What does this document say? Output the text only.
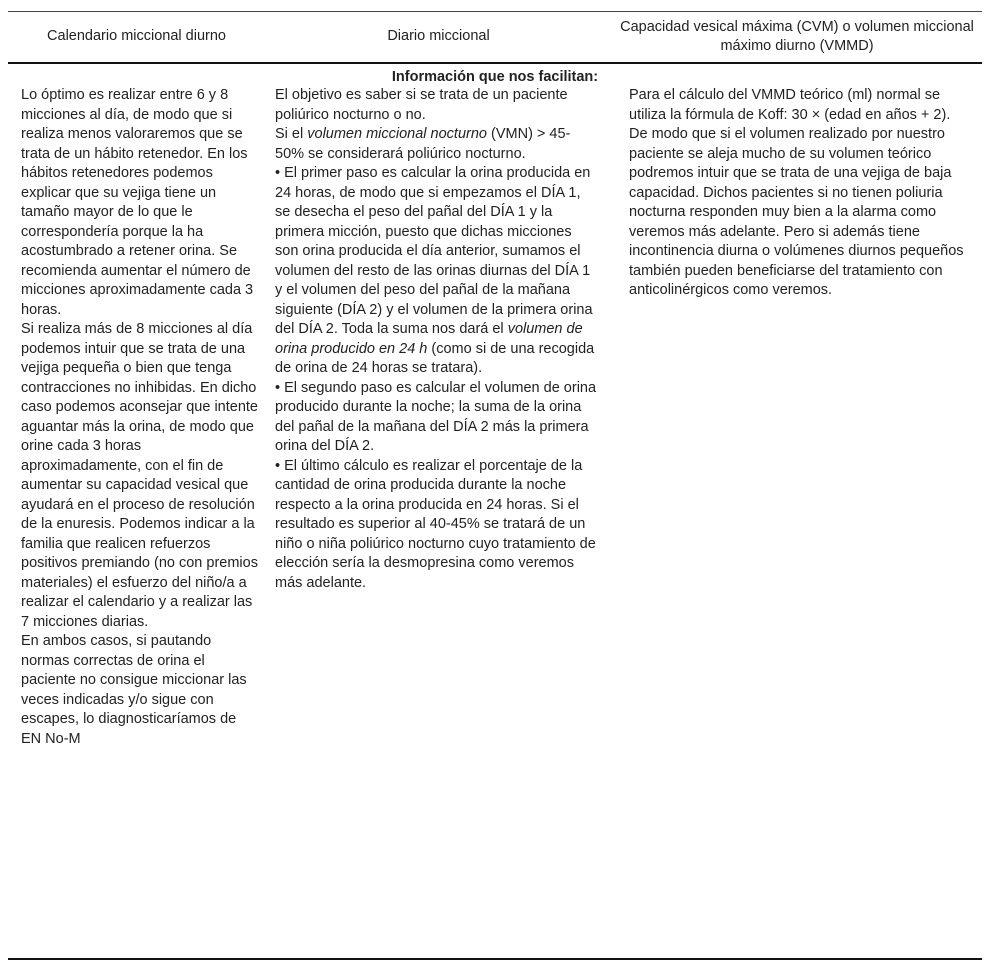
Calendario miccional diurno	Diario miccional
Capacidad vesical máxima (CVM) o volumen miccional máximo diurno (VMMD)
Información que nos facilitan:

Lo óptimo es realizar entre 6 y 8 micciones al día, de modo que si realiza menos valoraremos que se trata de un hábito retenedor. En los hábitos retenedores podemos explicar que su vejiga tiene un tamaño mayor de lo que le correspondería porque la ha acostumbrado a retener orina. Se recomienda aumentar el número de micciones aproximadamente cada 3 horas.

Si realiza más de 8 micciones al día podemos intuir que se trata de una vejiga pequeña o bien que tenga contracciones no inhibidas. En dicho caso podemos aconsejar que intente aguantar más la orina, de modo que orine cada 3 horas aproximadamente, con el fin de aumentar su capacidad vesical que ayudará en el proceso de resolución de la enuresis. Podemos indicar a la familia que realicen refuerzos positivos premiando (no con premios materiales) el esfuerzo del niño/a a realizar el calendario y a realizar las 7 micciones diarias.

En ambos casos, si pautando normas correctas de orina el paciente no consigue miccionar las veces indicadas y/o sigue con escapes, lo diagnosticaríamos de EN No-M

El objetivo es saber si se trata de un paciente poliúrico nocturno o no.

Si el volumen miccional nocturno (VMN) > 45-50% se considerará poliúrico nocturno.

• El primer paso es calcular la orina producida en 24 horas, de modo que si empezamos el DÍA 1, se desecha el peso del pañal del DÍA 1 y la primera micción, puesto que dichas micciones son orina producida el día anterior, sumamos el volumen del resto de las orinas diurnas del DÍA 1 y el volumen del peso del pañal de la mañana siguiente (DÍA 2) y el volumen de la primera orina del DÍA 2. Toda la suma nos dará el volumen de orina producido en 24 h (como si de una recogida de orina de 24 horas se tratara).

• El segundo paso es calcular el volumen de orina producido durante la noche; la suma de la orina del pañal de la mañana del DÍA 2 más la primera orina del DÍA 2.

• El último cálculo es realizar el porcentaje de la cantidad de orina producida durante la noche respecto a la orina producida en 24 horas. Si el resultado es superior al 40-45% se tratará de un niño o niña poliúrico nocturno cuyo tratamiento de elección sería la desmopresina como veremos más adelante.

Para el cálculo del VMMD teórico (ml) normal se utiliza la fórmula de Koff: 30 × (edad en años + 2). De modo que si el volumen realizado por nuestro paciente se aleja mucho de su volumen teórico podremos intuir que se trata de una vejiga de baja capacidad. Dichos pacientes si no tienen poliuria nocturna responden muy bien a la alarma como veremos más adelante. Pero si además tiene incontinencia diurna o volúmenes diurnos pequeños también pueden beneficiarse del tratamiento con anticolinérgicos como veremos.
